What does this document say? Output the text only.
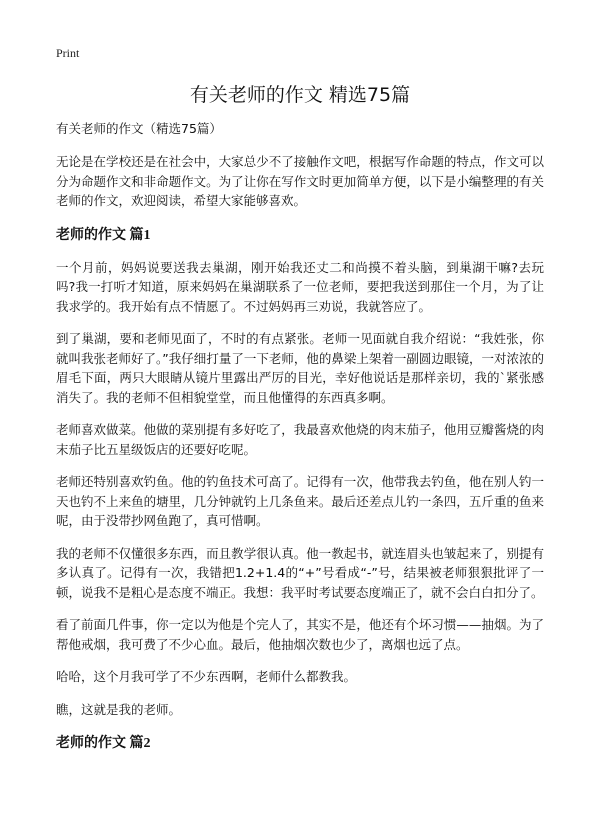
Print
有关老师的作文 精选75篇
有关老师的作文（精选75篇）

无论是在学校还是在社会中，大家总少不了接触作文吧，根据写作命题的特点，作文可以分为命题作文和非命题作文。为了让你在写作文时更加简单方便，以下是小编整理的有关老师的作文，欢迎阅读，希望大家能够喜欢。

老师的作文 篇1

一个月前，妈妈说要送我去巢湖，刚开始我还丈二和尚摸不着头脑，到巢湖干嘛?去玩吗?我一打听才知道，原来妈妈在巢湖联系了一位老师，要把我送到那住一个月，为了让我求学的。我开始有点不情愿了。不过妈妈再三劝说，我就答应了。

到了巢湖，要和老师见面了，不时的有点紧张。老师一见面就自我介绍说：“我姓张，你就叫我张老师好了。”我仔细打量了一下老师，他的鼻梁上架着一副圆边眼镜，一对浓浓的眉毛下面，两只大眼睛从镜片里露出严厉的目光，幸好他说话是那样亲切，我的`紧张感消失了。我的老师不但相貌堂堂，而且他懂得的东西真多啊。

老师喜欢做菜。他做的菜别提有多好吃了，我最喜欢他烧的肉末茄子，他用豆瓣酱烧的肉末茄子比五星级饭店的还要好吃呢。

老师还特别喜欢钓鱼。他的钓鱼技术可高了。记得有一次，他带我去钓鱼，他在别人钓一天也钓不上来鱼的塘里，几分钟就钓上几条鱼来。最后还差点儿钓一条四，五斤重的鱼来呢，由于没带抄网鱼跑了，真可惜啊。

我的老师不仅懂很多东西，而且教学很认真。他一教起书，就连眉头也皱起来了，别提有多认真了。记得有一次，我错把1.2+1.4的“+”号看成“-”号，结果被老师狠狠批评了一顿，说我不是粗心是态度不端正。我想：我平时考试要态度端正了，就不会白白扣分了。

看了前面几件事，你一定以为他是个完人了，其实不是，他还有个坏习惯——抽烟。为了帮他戒烟，我可费了不少心血。最后，他抽烟次数也少了，离烟也远了点。

哈哈，这个月我可学了不少东西啊，老师什么都教我。

瞧，这就是我的老师。

老师的作文 篇2
